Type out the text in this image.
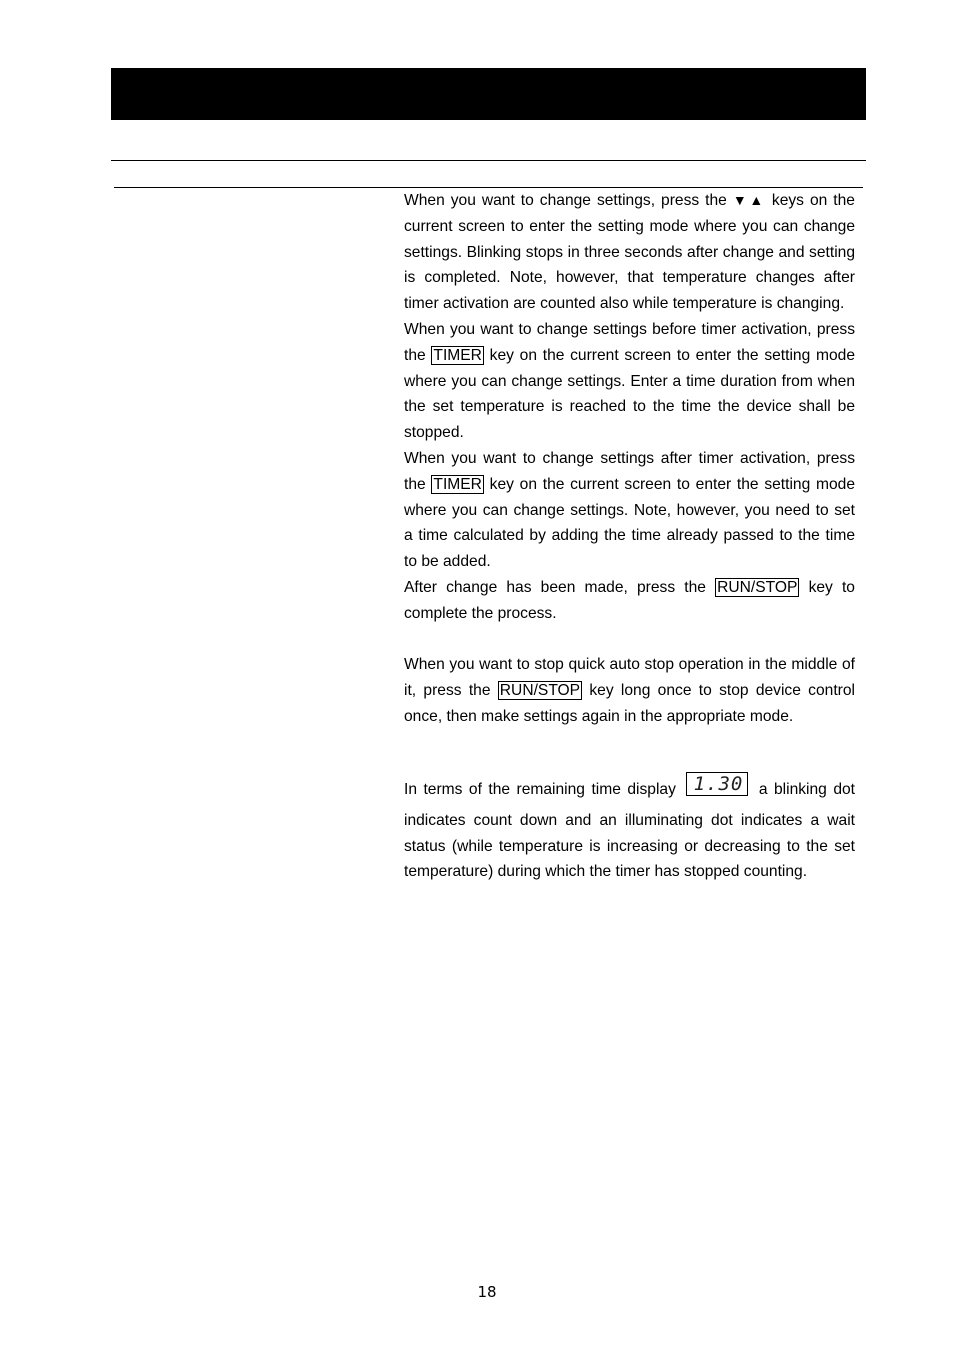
When you want to change settings, press the ▼▲ keys on the current screen to enter the setting mode where you can change settings. Blinking stops in three seconds after change and setting is completed. Note, however, that temperature changes after timer activation are counted also while temperature is changing.

When you want to change settings before timer activation, press the TIMER key on the current screen to enter the setting mode where you can change settings. Enter a time duration from when the set temperature is reached to the time the device shall be stopped.

When you want to change settings after timer activation, press the TIMER key on the current screen to enter the setting mode where you can change settings. Note, however, you need to set a time calculated by adding the time already passed to the time to be added.

After change has been made, press the RUN/STOP key to complete the process.

When you want to stop quick auto stop operation in the middle of it, press the RUN/STOP key long once to stop device control once, then make settings again in the appropriate mode.

In terms of the remaining time display 1.30 a blinking dot indicates count down and an illuminating dot indicates a wait status (while temperature is increasing or decreasing to the set temperature) during which the timer has stopped counting.

18
